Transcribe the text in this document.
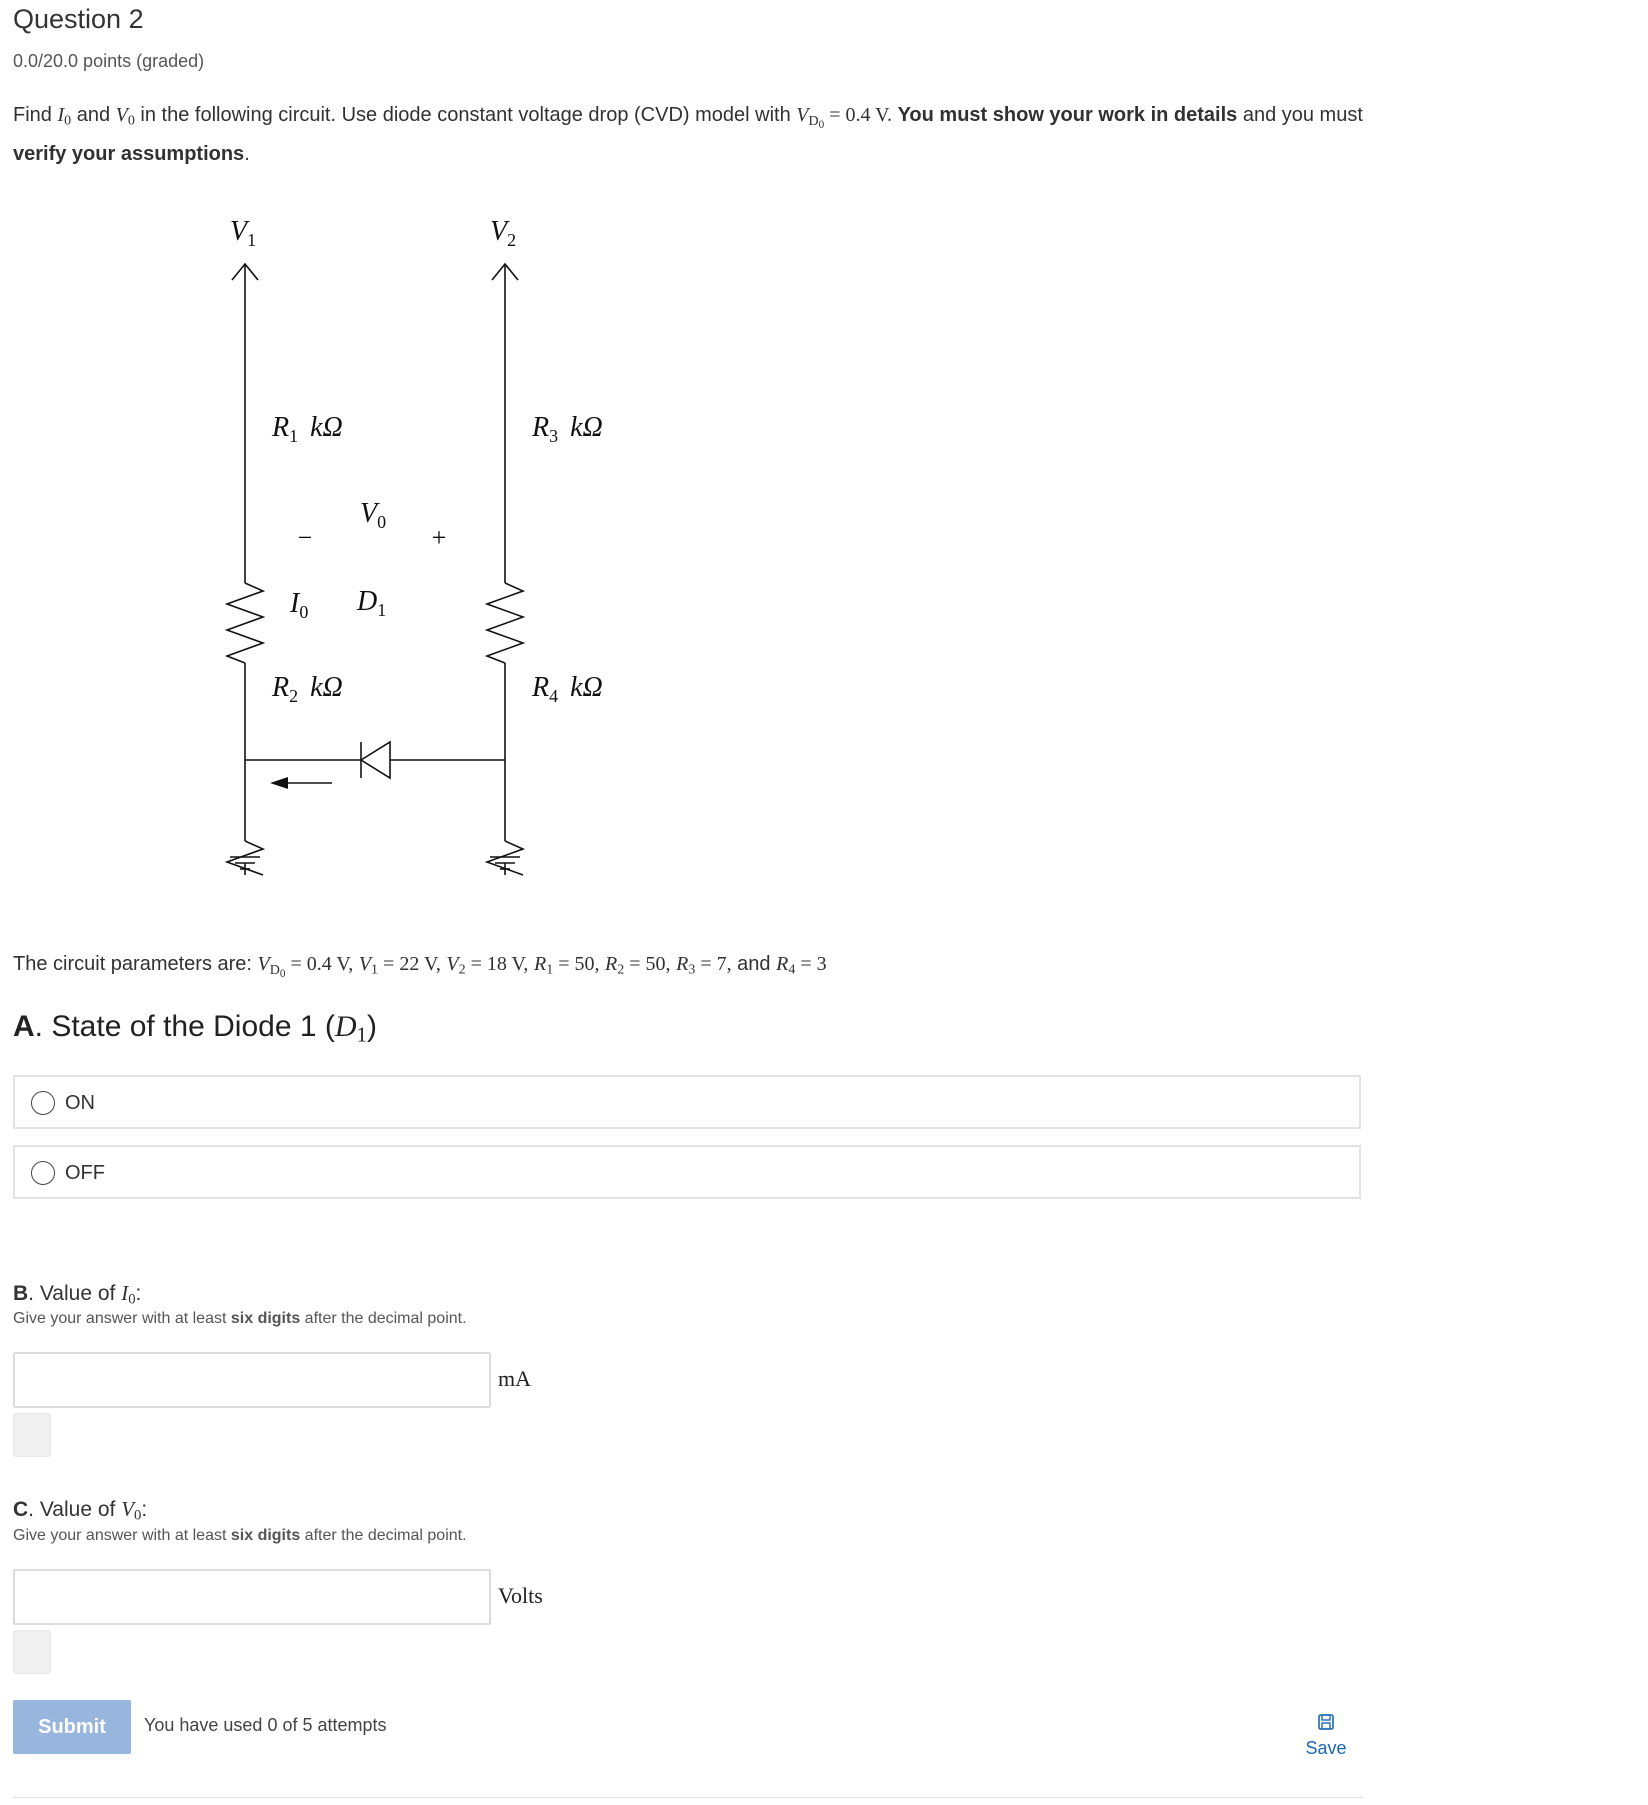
Question 2
0.0/20.0 points (graded)
Find $I_0$ and $V_0$ in the following circuit. Use diode constant voltage drop (CVD) model with $V_{D_0} = 0.4$ V. You must show your work in details and you must verify your assumptions.
$V_1$	$V_2$
$R_1$ kΩ	$R_3$ kΩ
$R_2$ kΩ	$R_4$ kΩ
$V_0$
$I_0$ $D_1$
−	+
The circuit parameters are: $V_{D_0} = 0.4$ V, $V_1 = 22$ V, $V_2 = 18$ V, $R_1 = 50$, $R_2 = 50$, $R_3 = 7$, and $R_4 = 3$
A. State of the Diode 1 $(D_1)$
ON
OFF
B. Value of $I_0$:
Give your answer with at least six digits after the decimal point.
mA
C. Value of $V_0$:
Give your answer with at least six digits after the decimal point.
Volts
Submit	You have used 0 of 5 attempts
Save
